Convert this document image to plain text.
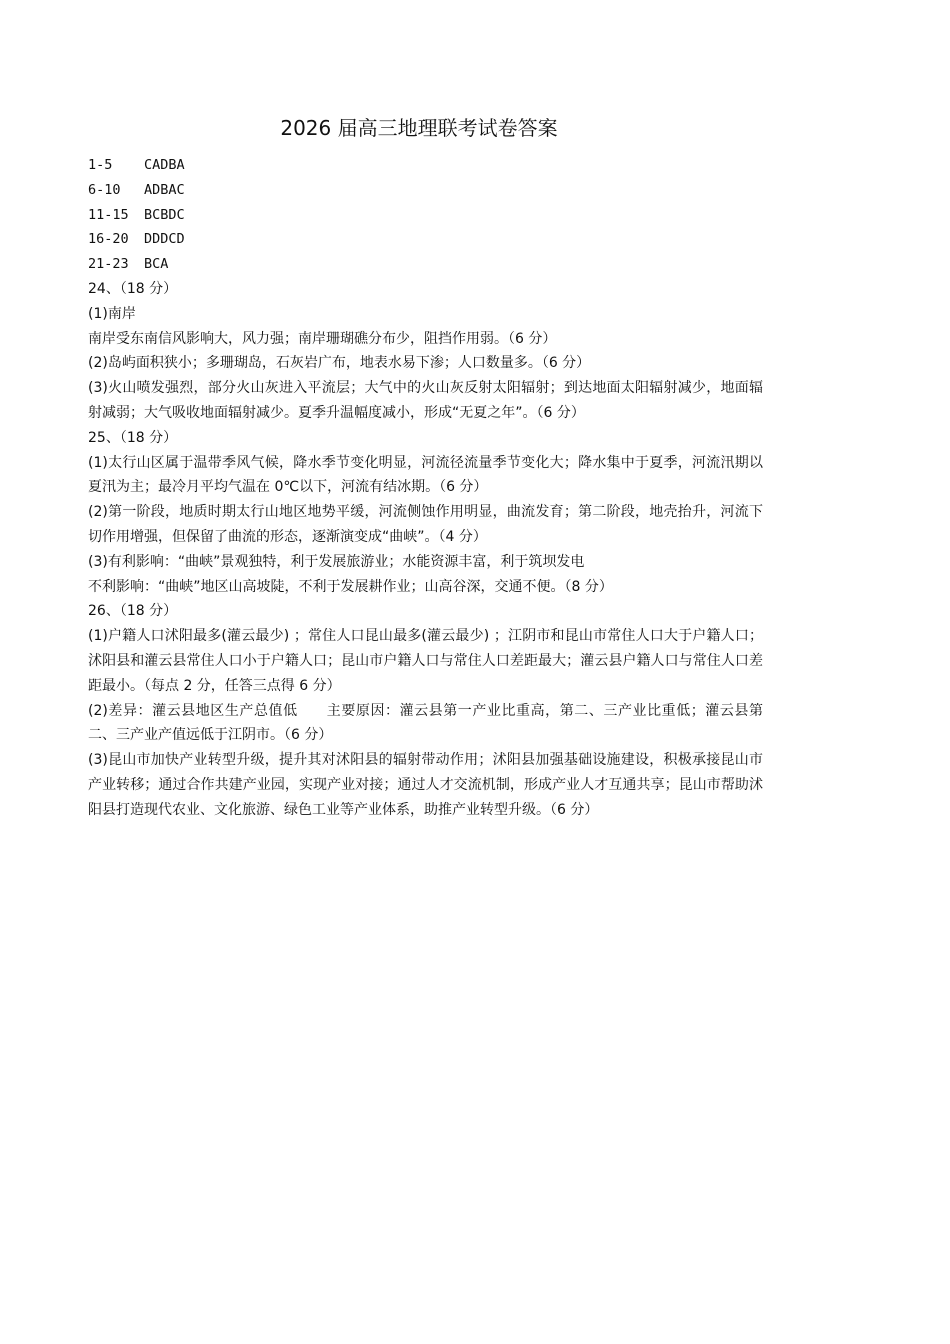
2026 届高三地理联考试卷答案
1-5 CADBA
6-10 ADBAC
11-15 BCBDC
16-20 DDDCD
21-23 BCA
24、（18 分）
(1)南岸

南岸受东南信风影响大，风力强；南岸珊瑚礁分布少，阻挡作用弱。（6 分）

(2)岛屿面积狭小；多珊瑚岛，石灰岩广布，地表水易下渗；人口数量多。（6 分）

(3)火山喷发强烈，部分火山灰进入平流层；大气中的火山灰反射太阳辐射；到达地面太阳辐射减少，地面辐射减弱；大气吸收地面辐射减少。夏季升温幅度减小，形成“无夏之年”。（6 分）

25、（18 分）

(1)太行山区属于温带季风气候，降水季节变化明显，河流径流量季节变化大；降水集中于夏季，河流汛期以夏汛为主；最冷月平均气温在 0℃以下，河流有结冰期。（6 分）

(2)第一阶段，地质时期太行山地区地势平缓，河流侧蚀作用明显，曲流发育；第二阶段，地壳抬升，河流下切作用增强，但保留了曲流的形态，逐渐演变成“曲峡”。（4 分）

(3)有利影响：“曲峡”景观独特，利于发展旅游业；水能资源丰富，利于筑坝发电

不利影响：“曲峡”地区山高坡陡，不利于发展耕作业；山高谷深，交通不便。（8 分）

26、（18 分）

(1)户籍人口沭阳最多(灌云最少) ；常住人口昆山最多(灌云最少) ；江阴市和昆山市常住人口大于户籍人口；沭阳县和灌云县常住人口小于户籍人口；昆山市户籍人口与常住人口差距最大；灌云县户籍人口与常住人口差距最小。（每点 2 分，任答三点得 6 分）

(2)差异：灌云县地区生产总值低　　主要原因：灌云县第一产业比重高，第二、三产业比重低；灌云县第二、三产业产值远低于江阴市。（6 分）

(3)昆山市加快产业转型升级，提升其对沭阳县的辐射带动作用；沭阳县加强基础设施建设，积极承接昆山市产业转移；通过合作共建产业园，实现产业对接；通过人才交流机制，形成产业人才互通共享；昆山市帮助沭阳县打造现代农业、文化旅游、绿色工业等产业体系，助推产业转型升级。（6 分）
